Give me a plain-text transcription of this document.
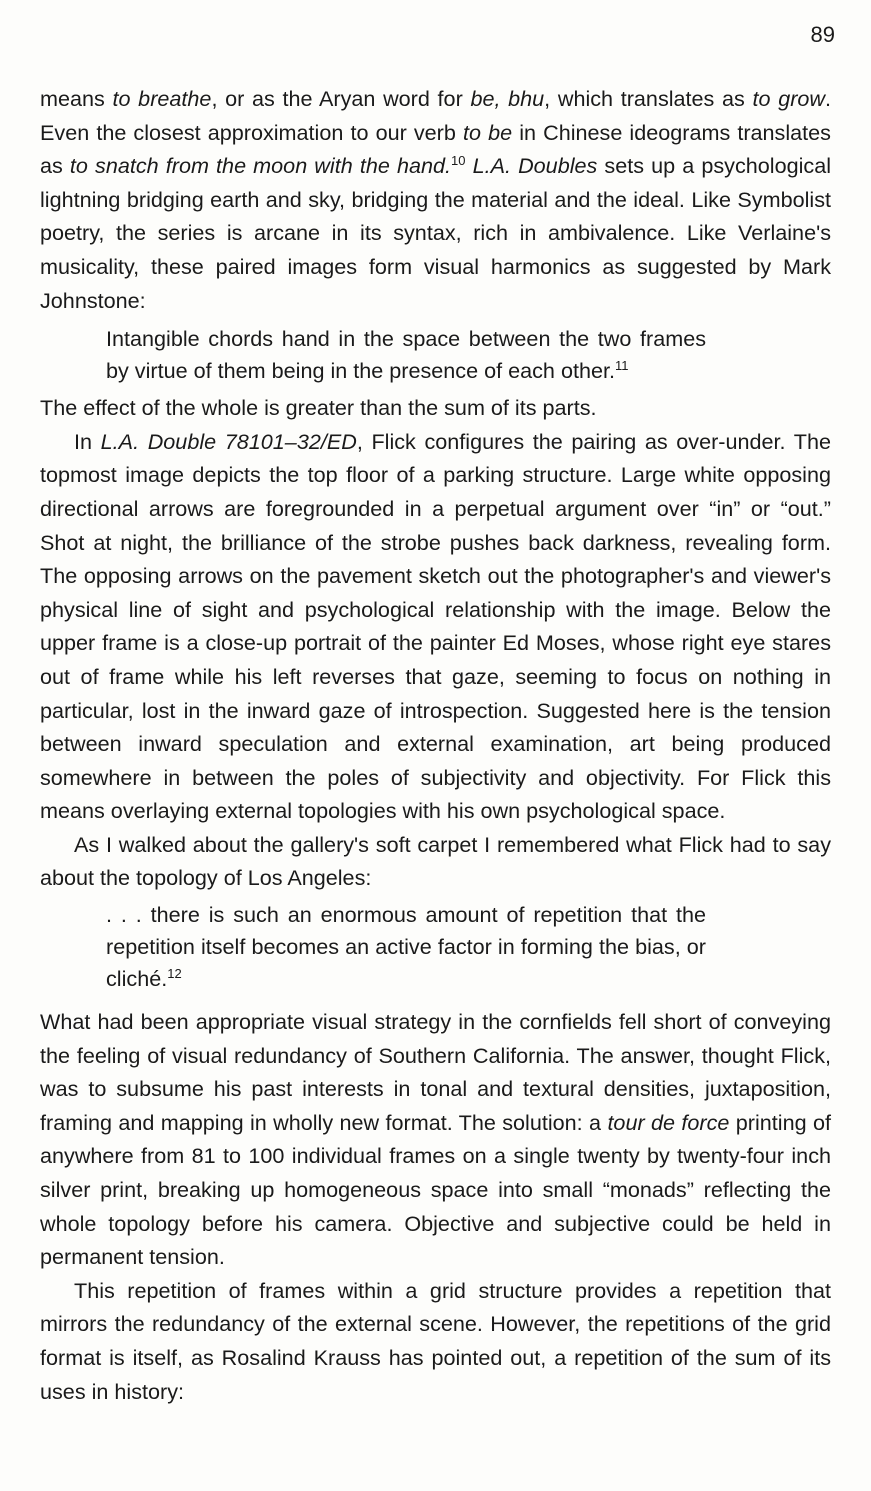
89

means to breathe, or as the Aryan word for be, bhu, which translates as to grow. Even the closest approximation to our verb to be in Chinese ideograms translates as to snatch from the moon with the hand.$^{10}$ L.A. Doubles sets up a psychological lightning bridging earth and sky, bridging the material and the ideal. Like Symbolist poetry, the series is arcane in its syntax, rich in ambivalence. Like Verlaine's musicality, these paired images form visual harmonics as suggested by Mark Johnstone:

Intangible chords hand in the space between the two frames by virtue of them being in the presence of each other.$^{11}$

The effect of the whole is greater than the sum of its parts.

In L.A. Double 78101–32/ED, Flick configures the pairing as over-under. The topmost image depicts the top floor of a parking structure. Large white opposing directional arrows are foregrounded in a perpetual argument over “in” or “out.” Shot at night, the brilliance of the strobe pushes back darkness, revealing form. The opposing arrows on the pavement sketch out the photographer's and viewer's physical line of sight and psychological relationship with the image. Below the upper frame is a close-up portrait of the painter Ed Moses, whose right eye stares out of frame while his left reverses that gaze, seeming to focus on nothing in particular, lost in the inward gaze of introspection. Suggested here is the tension between inward speculation and external examination, art being produced somewhere in between the poles of subjectivity and objectivity. For Flick this means overlaying external topologies with his own psychological space.

As I walked about the gallery's soft carpet I remembered what Flick had to say about the topology of Los Angeles:

. . . there is such an enormous amount of repetition that the repetition itself becomes an active factor in forming the bias, or cliché.$^{12}$

What had been appropriate visual strategy in the cornfields fell short of conveying the feeling of visual redundancy of Southern California. The answer, thought Flick, was to subsume his past interests in tonal and textural densities, juxtaposition, framing and mapping in wholly new format. The solution: a tour de force printing of anywhere from 81 to 100 individual frames on a single twenty by twenty-four inch silver print, breaking up homogeneous space into small “monads” reflecting the whole topology before his camera. Objective and subjective could be held in permanent tension.

This repetition of frames within a grid structure provides a repetition that mirrors the redundancy of the external scene. However, the repetitions of the grid format is itself, as Rosalind Krauss has pointed out, a repetition of the sum of its uses in history:
